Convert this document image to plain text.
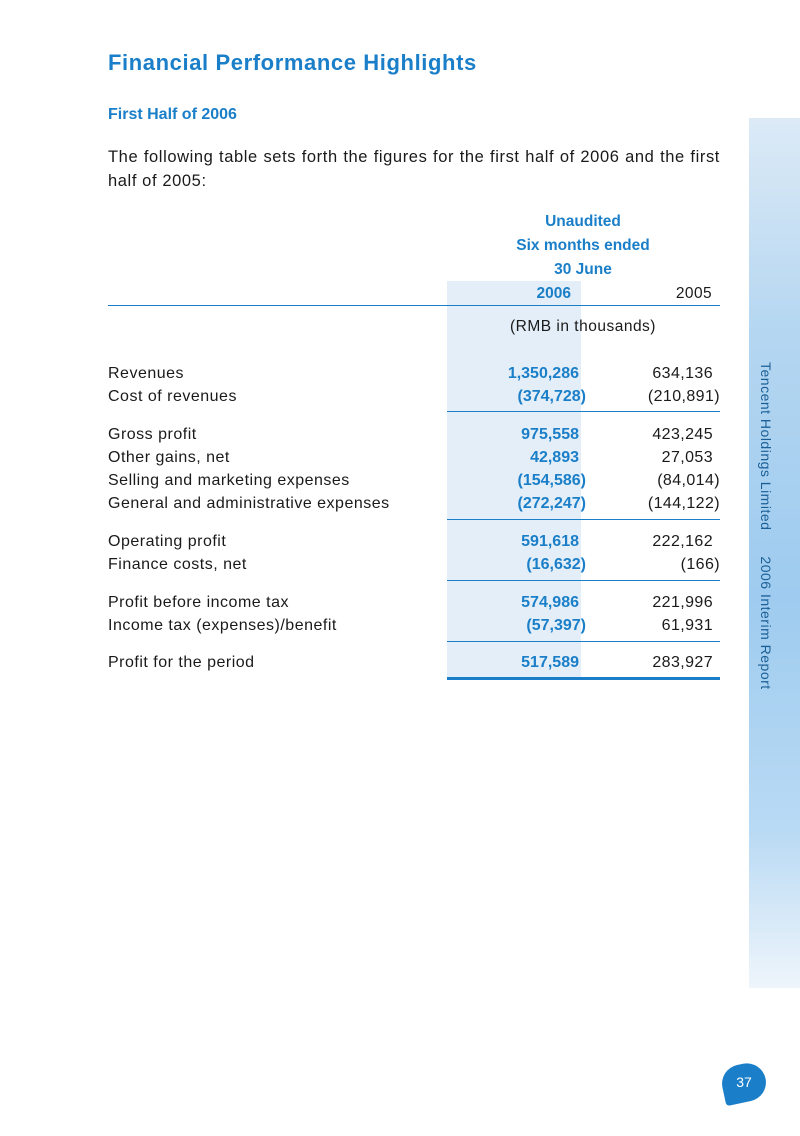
Financial Performance Highlights
First Half of 2006
The following table sets forth the figures for the first half of 2006 and the first half of 2005:
Unaudited
Six months ended
30 June
2006	2005
(RMB in thousands)
Revenues	1,350,286	634,136
Cost of revenues	(374,728)	(210,891)
Gross profit	975,558	423,245
Other gains, net	42,893	27,053
Selling and marketing expenses	(154,586)	(84,014)
General and administrative expenses	(272,247)	(144,122)
Operating profit	591,618	222,162
Finance costs, net	(16,632)	(166)
Profit before income tax	574,986	221,996
Income tax (expenses)/benefit	(57,397)	61,931
Profit for the period	517,589	283,927
Tencent Holdings Limited2006 Interim Report
37
